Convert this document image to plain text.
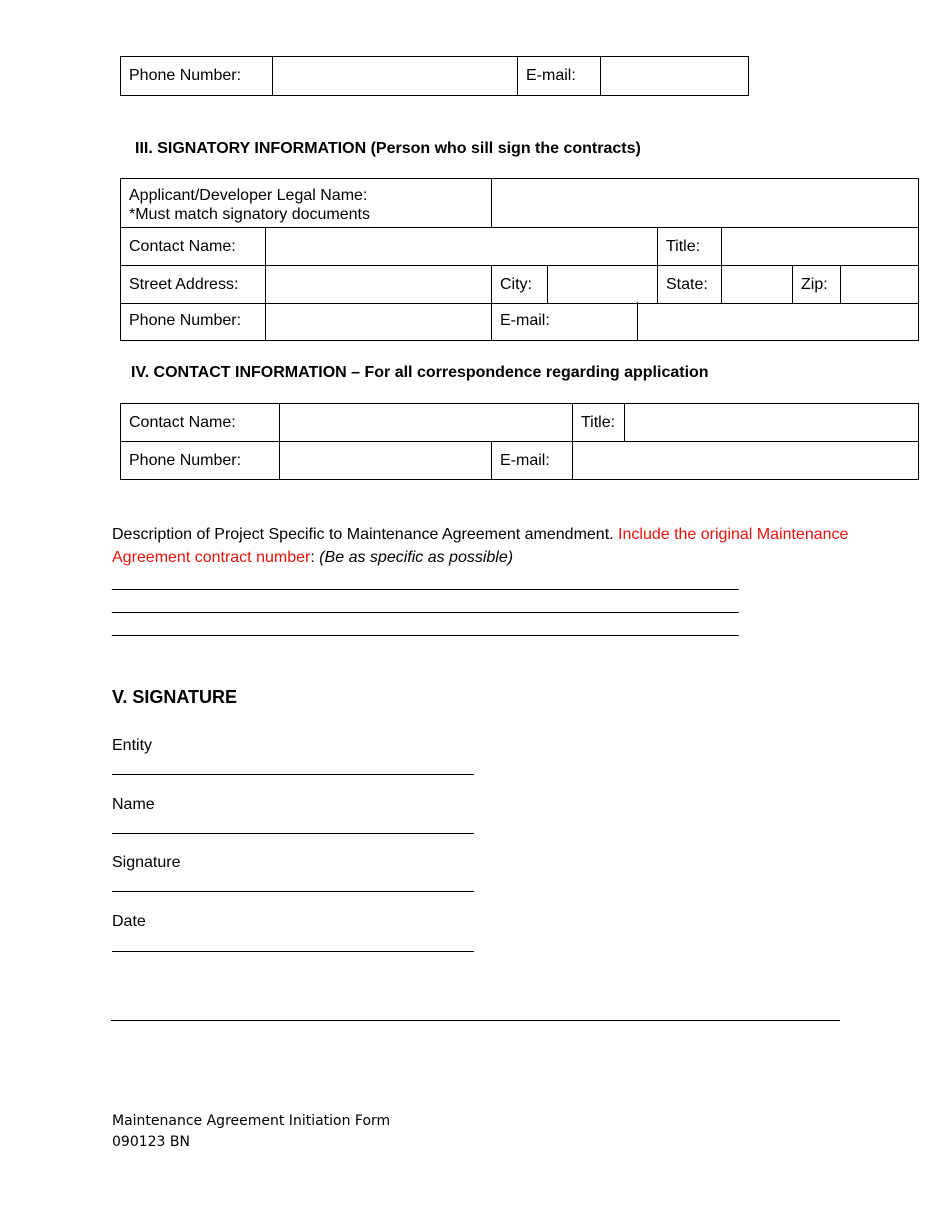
Phone Number:		E-mail:	
III. SIGNATORY INFORMATION (Person who sill sign the contracts)
Applicant/Developer Legal Name:
*Must match signatory documents							

Contact Name:				Title:			
Street Address:		City:		State:		Zip:	
Phone Number:		E-mail:	
IV. CONTACT INFORMATION – For all correspondence regarding application
Contact Name:			Title:	
Phone Number:		E-mail:		
Description of Project Specific to Maintenance Agreement amendment. Include the original Maintenance Agreement contract number: (Be as specific as possible)
________________________________________________________________________
________________________________________________________________________
________________________________________________________________________
V. SIGNATURE
Entity
Name
Signature
Date
Maintenance Agreement Initiation Form
090123 BN
